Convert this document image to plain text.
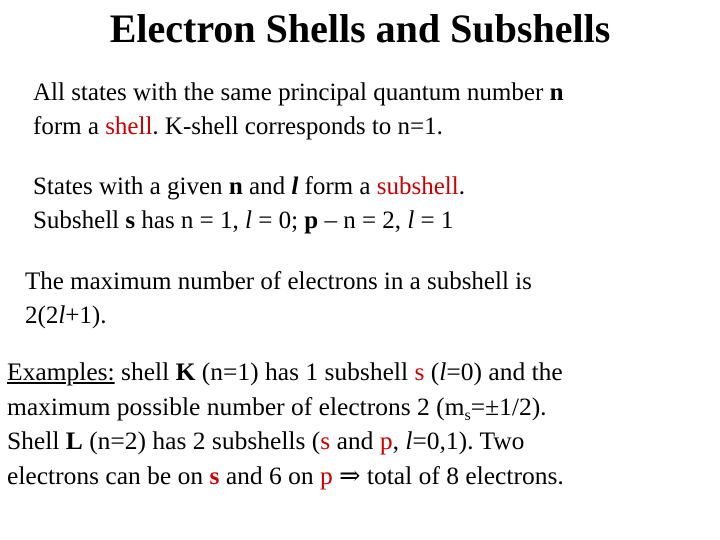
Electron Shells and Subshells
All states with the same principal quantum number n
form a shell. K-shell corresponds to n=1.
States with a given n and l form a subshell.
Subshell s has n = 1, l = 0; p – n = 2, l = 1
The maximum number of electrons in a subshell is
2(2l+1).
Examples: shell K (n=1) has 1 subshell s (l=0) and the
maximum possible number of electrons 2 $(m_s=\pm 1/2)$.
Shell L (n=2) has 2 subshells (s and p, l=0,1). Two
electrons can be on s and 6 on p ⇒ total of 8 electrons.
